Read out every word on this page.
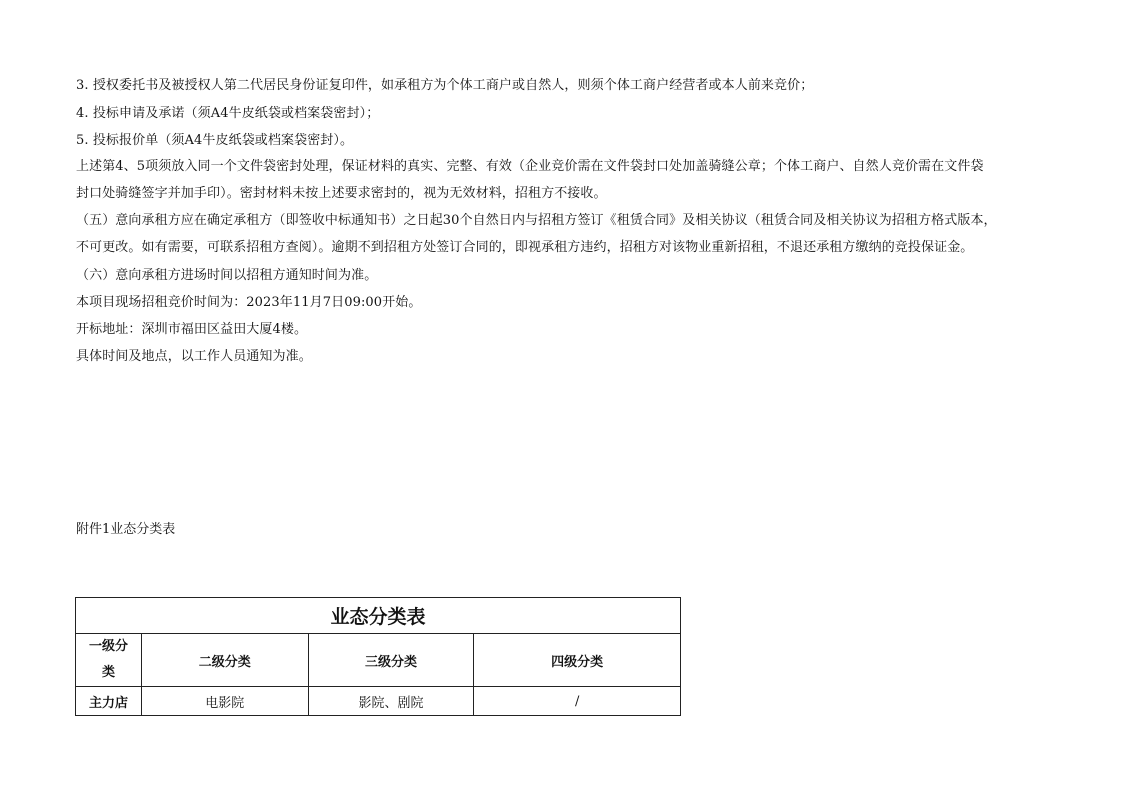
3. 授权委托书及被授权人第二代居民身份证复印件，如承租方为个体工商户或自然人，则须个体工商户经营者或本人前来竞价；
4. 投标申请及承诺（须A4牛皮纸袋或档案袋密封）；
5. 投标报价单（须A4牛皮纸袋或档案袋密封）。
上述第4、5项须放入同一个文件袋密封处理，保证材料的真实、完整、有效（企业竞价需在文件袋封口处加盖骑缝公章；个体工商户、自然人竞价需在文件袋
封口处骑缝签字并加手印）。密封材料未按上述要求密封的，视为无效材料，招租方不接收。
（五）意向承租方应在确定承租方（即签收中标通知书）之日起30个自然日内与招租方签订《租赁合同》及相关协议（租赁合同及相关协议为招租方格式版本，
不可更改。如有需要，可联系招租方查阅）。逾期不到招租方处签订合同的，即视承租方违约，招租方对该物业重新招租，不退还承租方缴纳的竞投保证金。
（六）意向承租方进场时间以招租方通知时间为准。
本项目现场招租竞价时间为：2023年11月7日09:00开始。
开标地址：深圳市福田区益田大厦4楼。
具体时间及地点，以工作人员通知为准。
附件1业态分类表
业态分类表			
一级分
类	二级分类	三级分类	四级分类
主力店	电影院	影院、剧院	/
